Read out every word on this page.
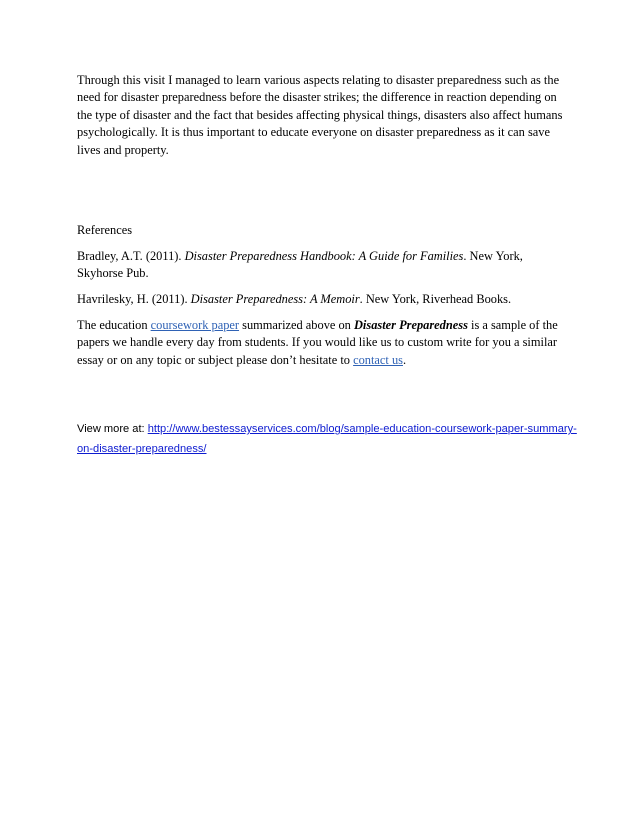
Through this visit I managed to learn various aspects relating to disaster preparedness such as the need for disaster preparedness before the disaster strikes; the difference in reaction depending on the type of disaster and the fact that besides affecting physical things, disasters also affect humans psychologically. It is thus important to educate everyone on disaster preparedness as it can save lives and property.

References

Bradley, A.T. (2011). Disaster Preparedness Handbook: A Guide for Families. New York, Skyhorse Pub.

Havrilesky, H. (2011). Disaster Preparedness: A Memoir. New York, Riverhead Books.

The education coursework paper summarized above on Disaster Preparedness is a sample of the papers we handle every day from students. If you would like us to custom write for you a similar essay or on any topic or subject please don’t hesitate to contact us.

View more at: http://www.bestessayservices.com/blog/sample-education-coursework-paper-summary-on-disaster-preparedness/
